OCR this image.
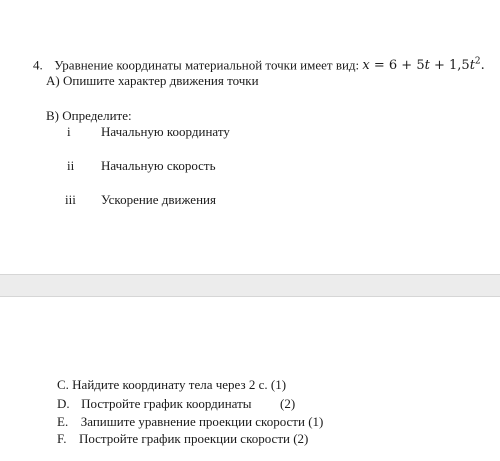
4. Уравнение координаты материальной точки имеет вид: $x = 6 + 5t + 1,5t^2$.
А) Опишите характер движения точки
В) Определите:
i Начальную координату
ii Начальную скорость
iii Ускорение движения
C. Найдите координату тела через 2 с. (1)
D. Постройте график координаты (2)
E. Запишите уравнение проекции скорости (1)
F. Постройте график проекции скорости (2)
